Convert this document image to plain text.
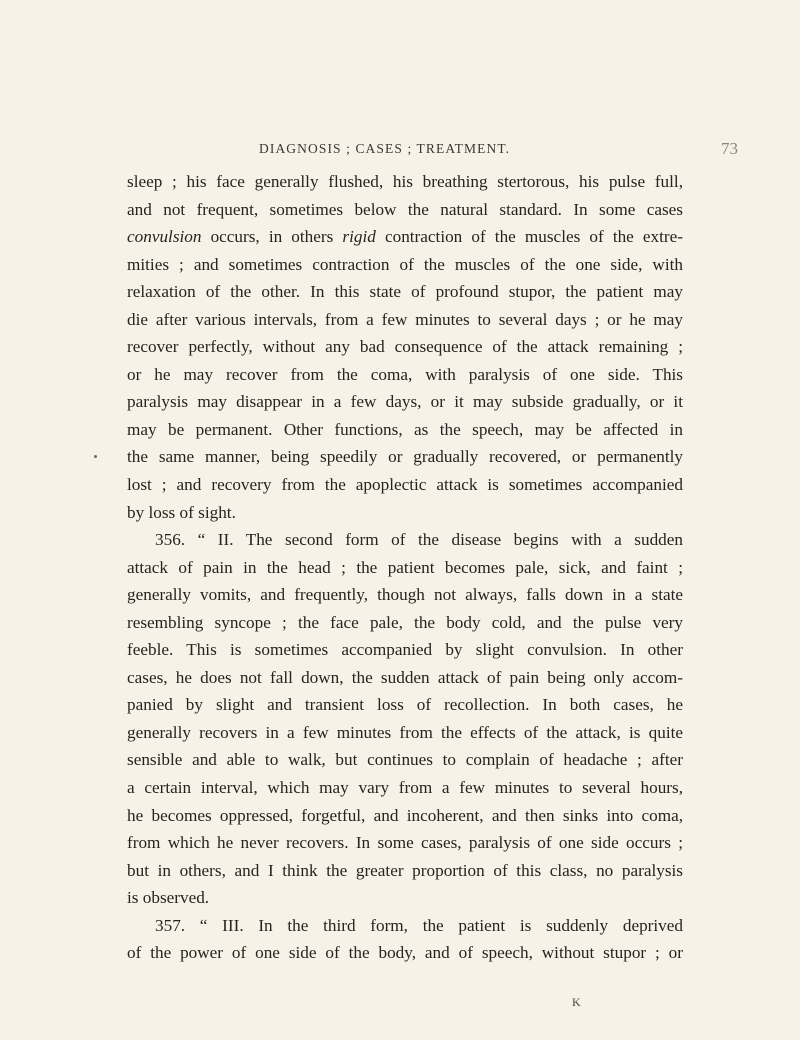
DIAGNOSIS ; CASES ; TREATMENT.	73
sleep ; his face generally flushed, his breathing stertorous, his pulse full,
and not frequent, sometimes below the natural standard. In some cases
convulsion occurs, in others rigid contraction of the muscles of the extre-
mities ; and sometimes contraction of the muscles of the one side, with
relaxation of the other. In this state of profound stupor, the patient may
die after various intervals, from a few minutes to several days ; or he may
recover perfectly, without any bad consequence of the attack remaining ;
or he may recover from the coma, with paralysis of one side. This
paralysis may disappear in a few days, or it may subside gradually, or it
may be permanent. Other functions, as the speech, may be affected in
the same manner, being speedily or gradually recovered, or permanently
lost ; and recovery from the apoplectic attack is sometimes accompanied
by loss of sight.
356. “ II. The second form of the disease begins with a sudden
attack of pain in the head ; the patient becomes pale, sick, and faint ;
generally vomits, and frequently, though not always, falls down in a state
resembling syncope ; the face pale, the body cold, and the pulse very
feeble. This is sometimes accompanied by slight convulsion. In other
cases, he does not fall down, the sudden attack of pain being only accom-
panied by slight and transient loss of recollection. In both cases, he
generally recovers in a few minutes from the effects of the attack, is quite
sensible and able to walk, but continues to complain of headache ; after
a certain interval, which may vary from a few minutes to several hours,
he becomes oppressed, forgetful, and incoherent, and then sinks into coma,
from which he never recovers. In some cases, paralysis of one side occurs ;
but in others, and I think the greater proportion of this class, no paralysis
is observed.
357. “ III. In the third form, the patient is suddenly deprived
of the power of one side of the body, and of speech, without stupor ; or
K
